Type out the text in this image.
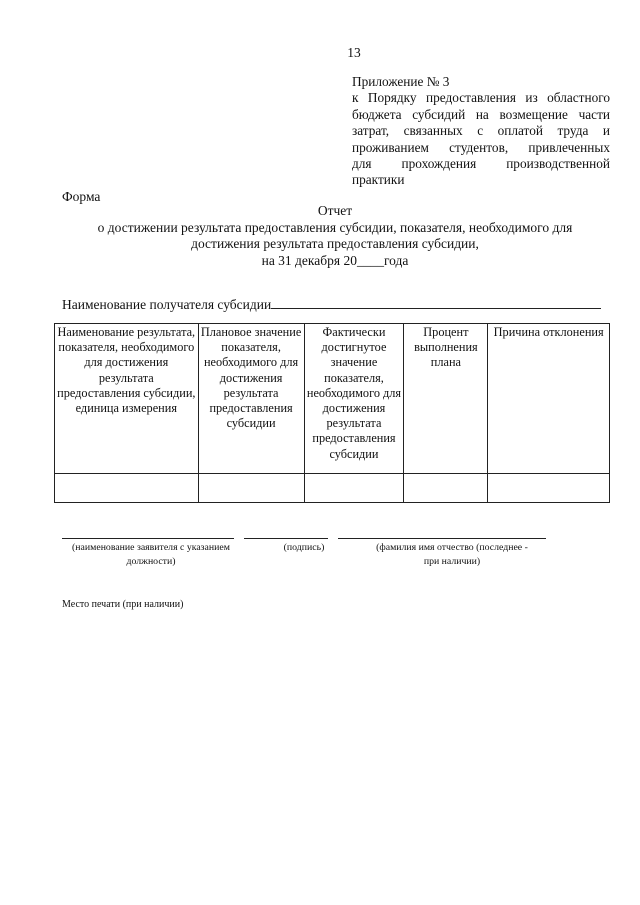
13
Приложение № 3
к Порядку предоставления из областного
бюджета субсидий на возмещение части
затрат, связанных с оплатой труда и
проживанием студентов, привлеченных
для прохождения производственной
практики
Форма
Отчет
о достижении результата предоставления субсидии, показателя, необходимого для
достижения результата предоставления субсидии,
на 31 декабря 20____года
Наименование получателя субсидии
Наименование результата, показателя, необходимого для достижения результата предоставления субсидии, единица измерения	Плановое значение показателя, необходимого для достижения результата предоставления субсидии	Фактически достигнутое значение показателя, необходимого для достижения результата предоставления субсидии	Процент выполнения плана	Причина отклонения

(наименование заявителя с указанием
должности)
(подпись)	(фамилия имя отчество (последнее -
при наличии)
Место печати (при наличии)
